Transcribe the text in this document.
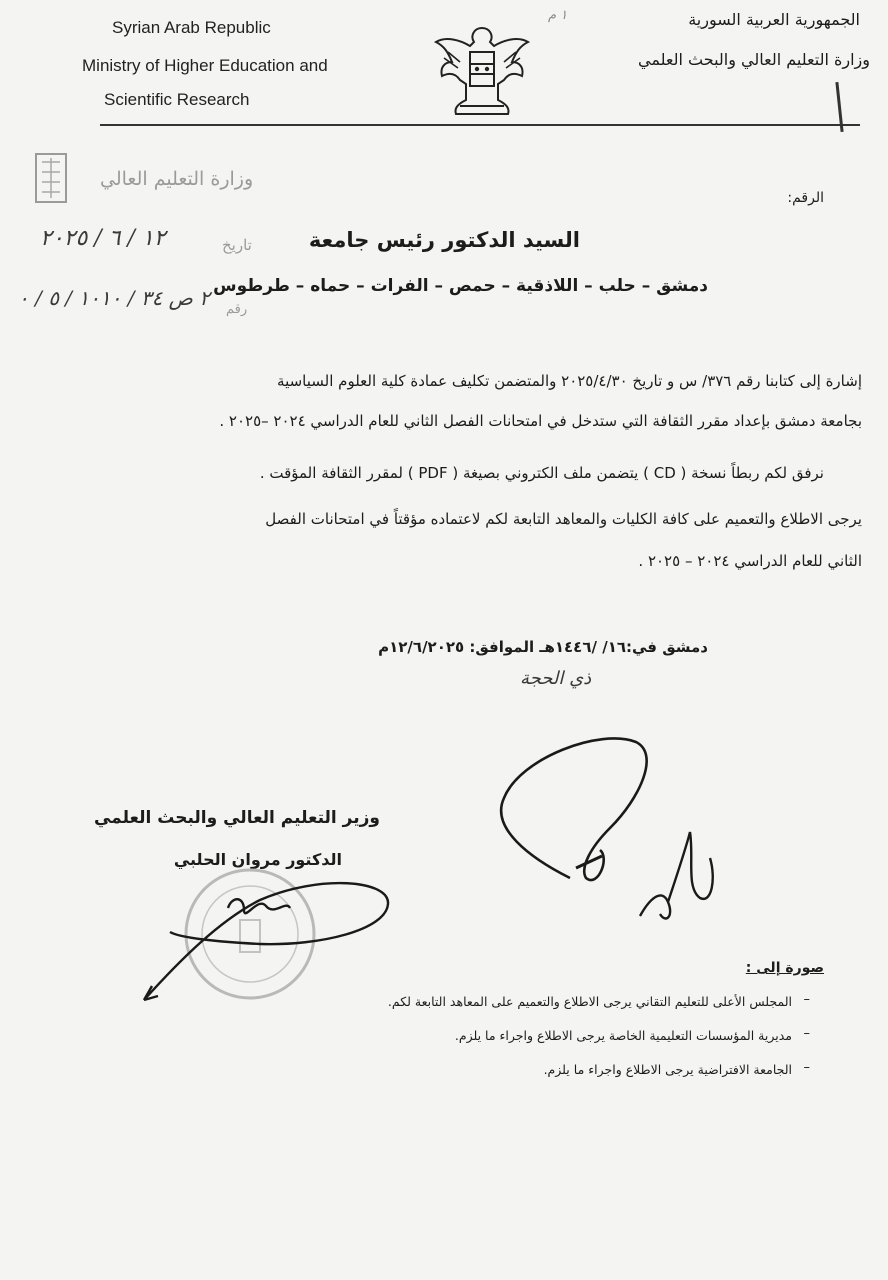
Syrian Arab Republic
Ministry of Higher Education and
Scientific Research
١ م	الجمهورية العربية السورية
وزارة التعليم العالي والبحث العلمي
وزارة التعليم العالي
تاريخ
١٢ / ٦ / ٢٠٢٥
رقم
٢ ص ٣٤ / ١٠١٠ / ٥ / ٠
الرقم:
السيد الدكتور رئيس جامعة
دمشق – حلب – اللاذقية – حمص – الفرات – حماه – طرطوس
إشارة إلى كتابنا رقم ٣٧٦/ س و تاريخ ٢٠٢٥/٤/٣٠ والمتضمن تكليف عمادة كلية العلوم السياسية
بجامعة دمشق بإعداد مقرر الثقافة التي ستدخل في امتحانات الفصل الثاني للعام الدراسي ٢٠٢٤ –٢٠٢٥ .
نرفق لكم ربطاً نسخة ( CD ) يتضمن ملف الكتروني بصيغة ( PDF ) لمقرر الثقافة المؤقت .
يرجى الاطلاع والتعميم على كافة الكليات والمعاهد التابعة لكم لاعتماده مؤقتاً في امتحانات الفصل
الثاني للعام الدراسي ٢٠٢٤ – ٢٠٢٥ .
دمشق في:١٦/ /١٤٤٦هـ الموافق: ١٢/٦/٢٠٢٥م
ذي الحجة
وزير التعليم العالي والبحث العلمي
الدكتور مروان الحلبي
صورة إلى :
المجلس الأعلى للتعليم التقاني يرجى الاطلاع والتعميم على المعاهد التابعة لكم. –
مديرية المؤسسات التعليمية الخاصة يرجى الاطلاع واجراء ما يلزم. –
الجامعة الافتراضية يرجى الاطلاع واجراء ما يلزم. –
